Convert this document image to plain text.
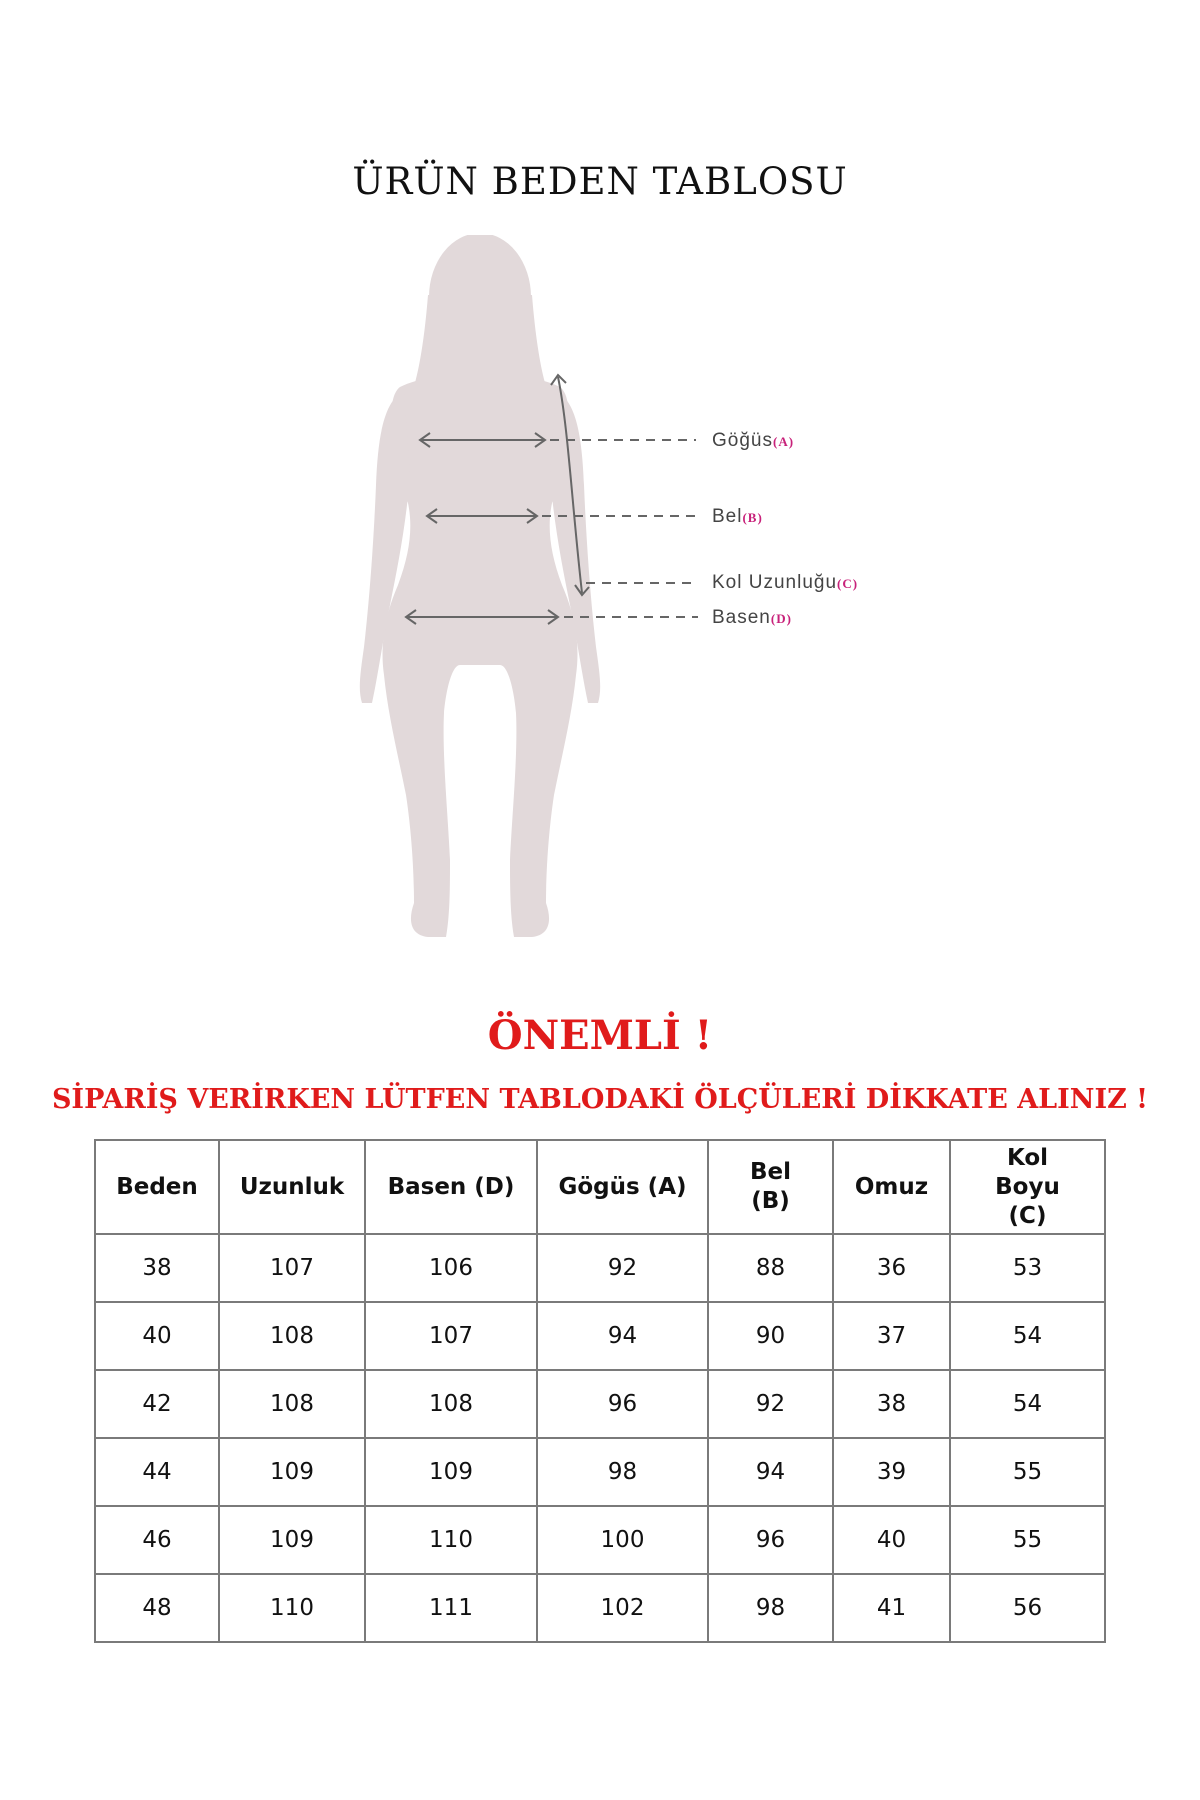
ÜRÜN BEDEN TABLOSU
Göğüs(A)
Bel(B)
Kol Uzunluğu(C)
Basen(D)
ÖNEMLİ !
SİPARİŞ VERİRKEN LÜTFEN TABLODAKİ ÖLÇÜLERİ DİKKATE ALINIZ !
Beden	Uzunluk	Basen (D)	Gögüs (A)	Bel (B)	Omuz	Kol Boyu (C)
38	107	106	92	88	36	53
40	108	107	94	90	37	54
42	108	108	96	92	38	54
44	109	109	98	94	39	55
46	109	110	100	96	40	55
48	110	111	102	98	41	56
